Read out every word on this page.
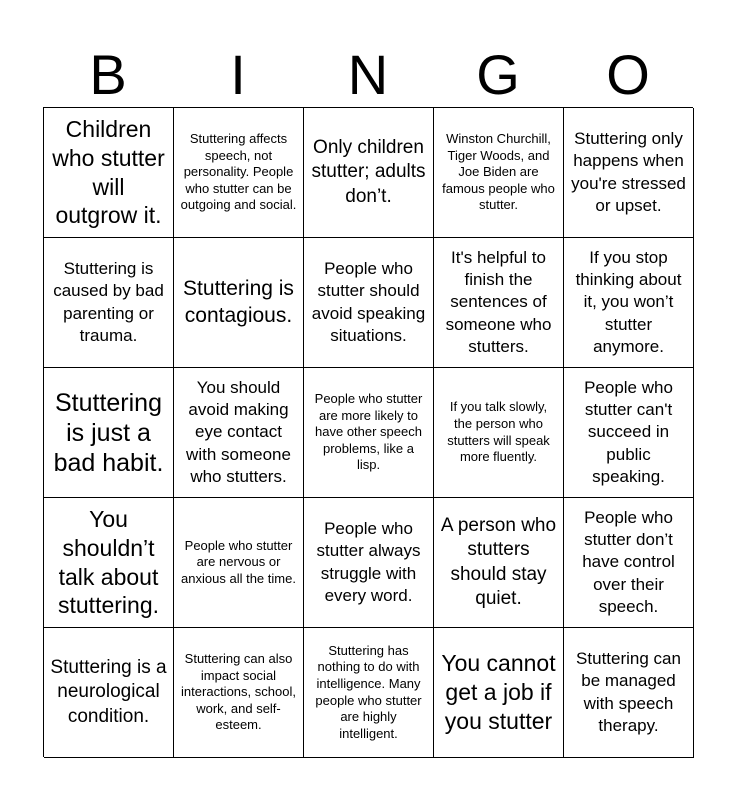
B	I	N	G	O
Children who stutter will outgrow it.
Stuttering affects speech, not personality. People who stutter can be outgoing and social.
Only children stutter; adults don’t.
Winston Churchill, Tiger Woods, and Joe Biden are famous people who stutter.
Stuttering only happens when you're stressed or upset.
Stuttering is caused by bad parenting or trauma.
Stuttering is contagious.
People who stutter should avoid speaking situations.
It's helpful to finish the sentences of someone who stutters.
If you stop thinking about it, you won’t stutter anymore.
Stuttering is just a bad habit.
You should avoid making eye contact with someone who stutters.
People who stutter are more likely to have other speech problems, like a lisp.
If you talk slowly, the person who stutters will speak more fluently.
People who stutter can't succeed in public speaking.
You shouldn’t talk about stuttering.
People who stutter are nervous or anxious all the time.
People who stutter always struggle with every word.
A person who stutters should stay quiet.
People who stutter don’t have control over their speech.
Stuttering is a neurological condition.
Stuttering can also impact social interactions, school, work, and self-esteem.
Stuttering has nothing to do with intelligence. Many people who stutter are highly intelligent.
You cannot get a job if you stutter
Stuttering can be managed with speech therapy.
